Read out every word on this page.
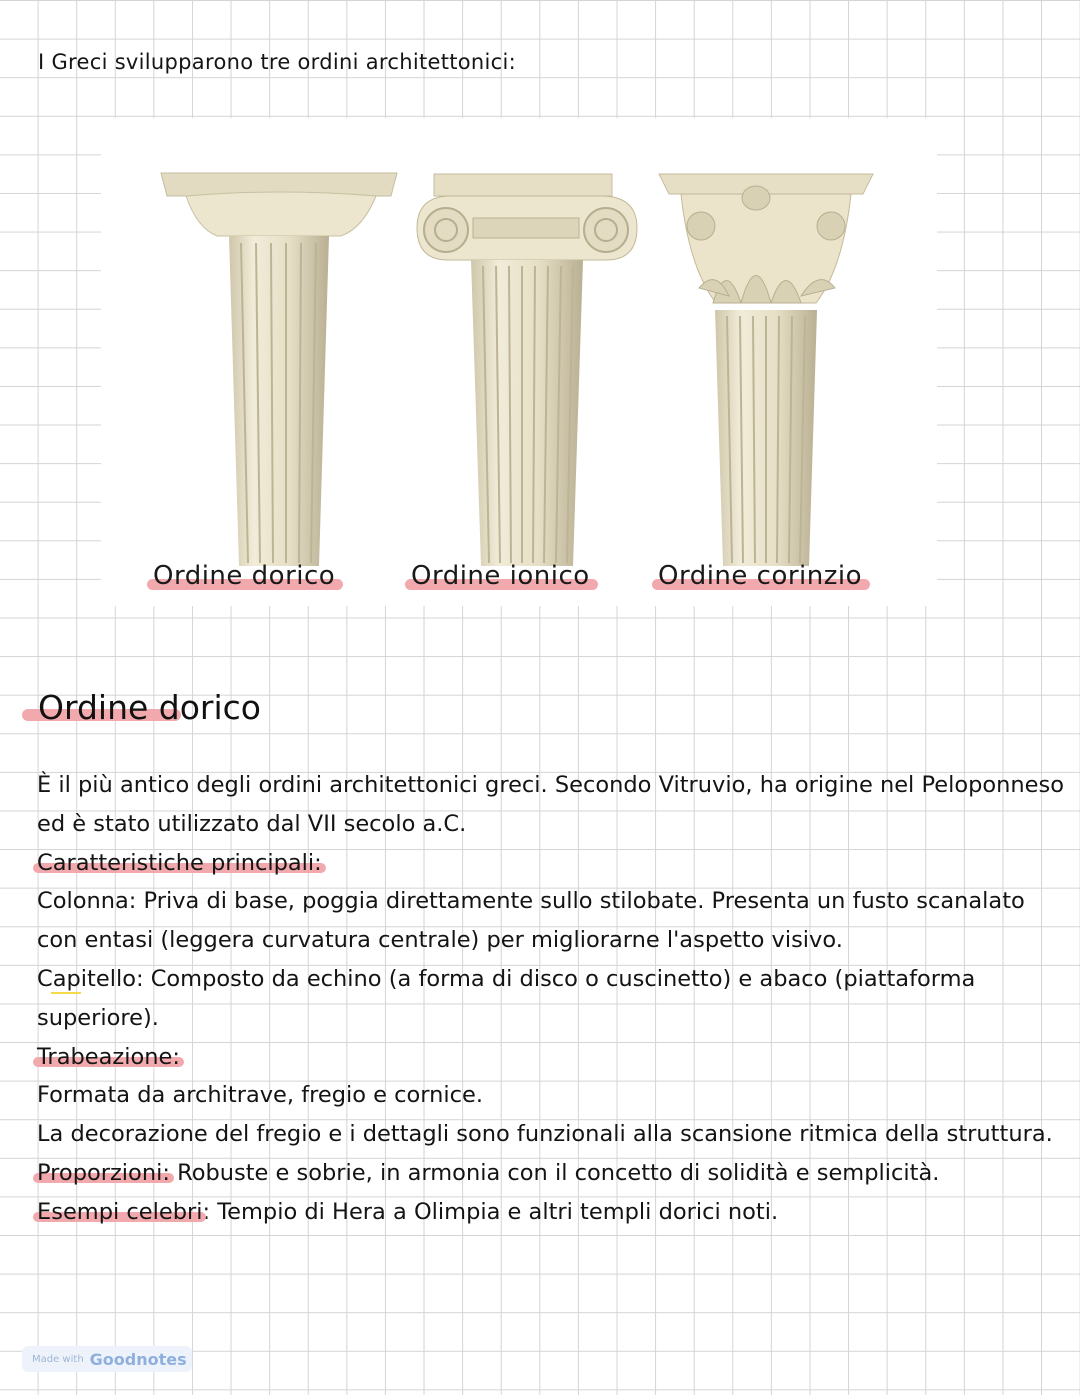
I Greci svilupparono tre ordini architettonici:

Ordine dorico	Ordine ionico	Ordine corinzio
Ordine dorico

È il più antico degli ordini architettonici greci. Secondo Vitruvio, ha origine nel Peloponneso ed è stato utilizzato dal VII secolo a.C.

Caratteristiche principali:

Colonna: Priva di base, poggia direttamente sullo stilobate. Presenta un fusto scanalato con entasi (leggera curvatura centrale) per migliorarne l'aspetto visivo.

Capitello: Composto da echino (a forma di disco o cuscinetto) e abaco (piattaforma superiore).

Trabeazione:

Formata da architrave, fregio e cornice.

La decorazione del fregio e i dettagli sono funzionali alla scansione ritmica della struttura.

Proporzioni: Robuste e sobrie, in armonia con il concetto di solidità e semplicità.

Esempi celebri: Tempio di Hera a Olimpia e altri templi dorici noti.

Made with Goodnotes
